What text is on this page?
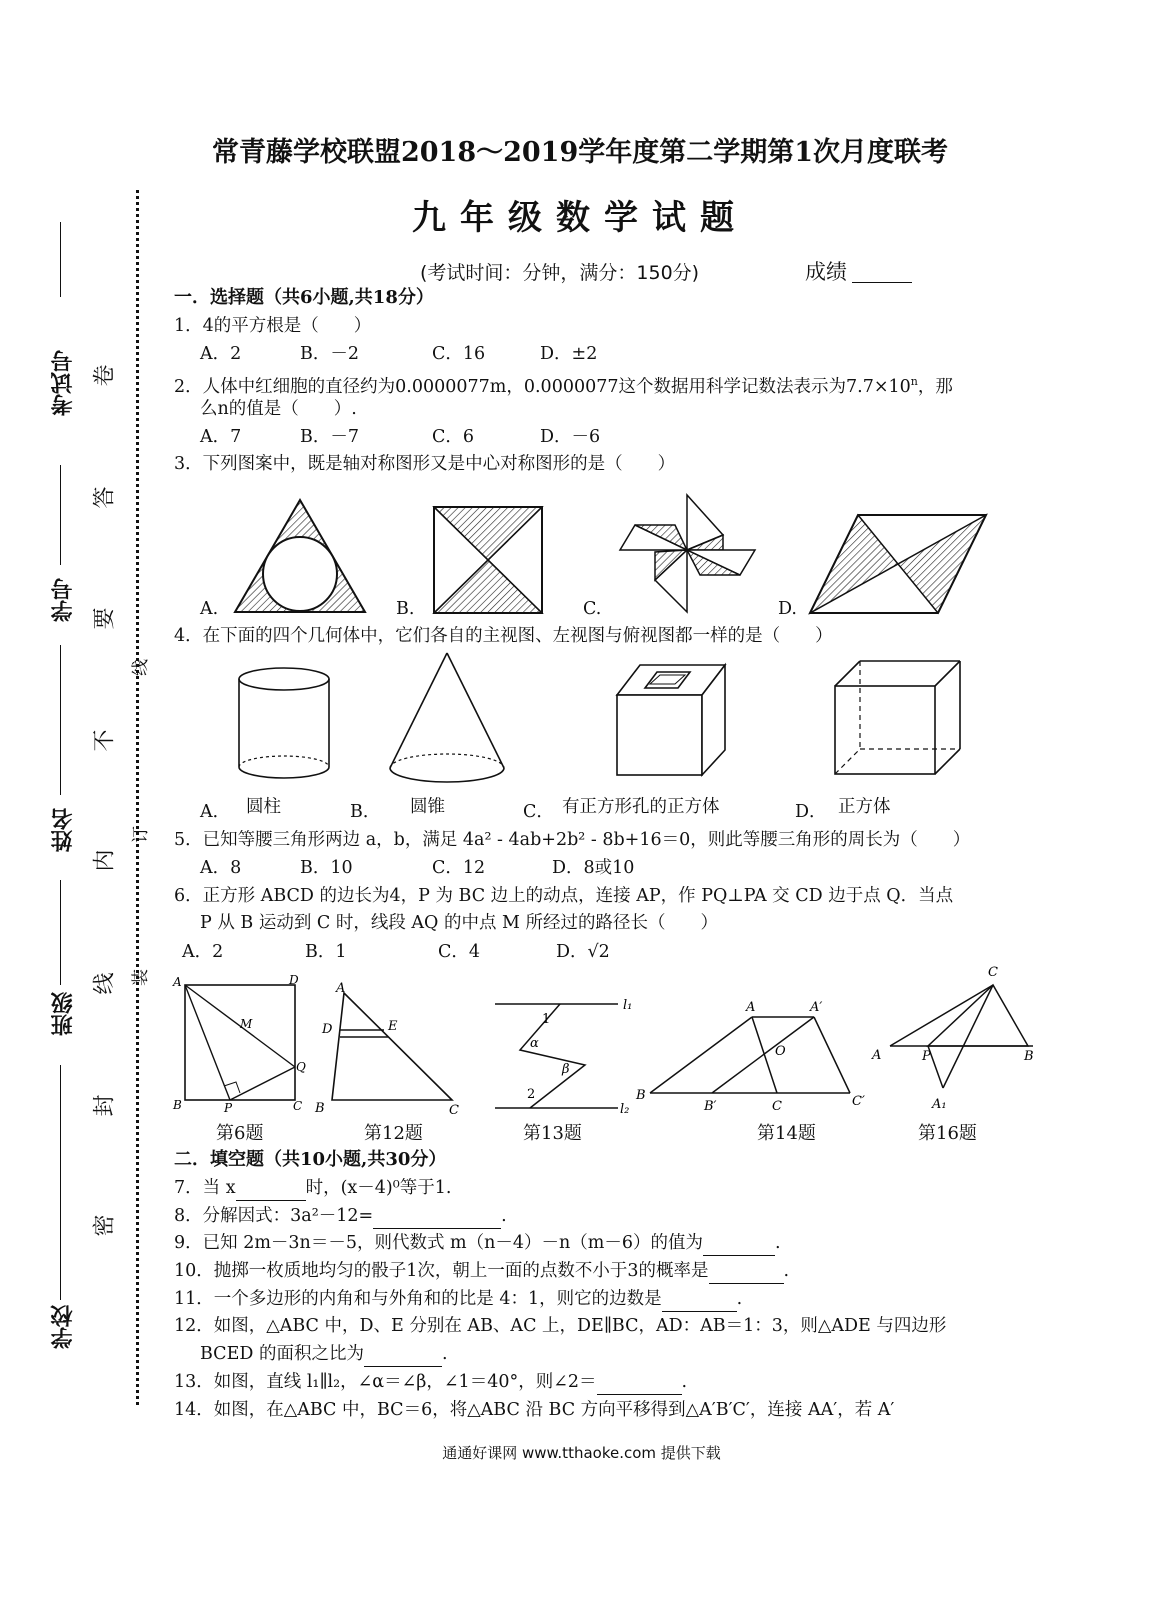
常青藤学校联盟2018～2019学年度第二学期第1次月度联考
九年级数学试题
(考试时间：分钟，满分：150分)	成绩
考试号
学号
姓名
班级
学校
卷
答
要
不
内
线
封
密
线
订
装
一．选择题（共6小题,共18分）
1．4的平方根是（　　）
A．2	B．－2	C．16	D．±2
2．人体中红细胞的直径约为0.0000077m，0.0000077这个数据用科学记数法表示为$7.7\times 10^n$，那
么n的值是（　　）.
A．7	B．－7	C．6	D．－6
3．下列图案中，既是轴对称图形又是中心对称图形的是（　　）
A.	B.	C.	D.
4．在下面的四个几何体中，它们各自的主视图、左视图与俯视图都一样的是（　　）
A． 圆柱	B． 圆锥	C． 有正方形孔的正方体	D． 正方体
5．已知等腰三角形两边 a，b，满足 4a² - 4ab+2b² - 8b+16＝0，则此等腰三角形的周长为（　　）
A．8	B．10	C．12	D．8或10
6．正方形 ABCD 的边长为4，P 为 BC 边上的动点，连接 AP，作 PQ⊥PA 交 CD 边于点 Q．当点
P 从 B 运动到 C 时，线段 AQ 的中点 M 所经过的路径长（　　）
A．2	B．1	C．4	D．√2
A	D
M
Q
B	P	C
A
D	E
B	C
l₁
1
α
β
2
l₂
A	A′
O
B
B′	C	C′
C
A	P	B
A₁
第6题	第12题	第13题	第14题	第16题
二．填空题（共10小题,共30分）
7．当 x	时，(x－4)⁰等于1.
8．分解因式：3a²－12=	.
9．已知 2m－3n＝－5，则代数式 m（n－4）－n（m－6）的值为	.
10．抛掷一枚质地均匀的骰子1次，朝上一面的点数不小于3的概率是	.
11．一个多边形的内角和与外角和的比是 4：1，则它的边数是	.
12．如图，△ABC 中，D、E 分别在 AB、AC 上，DE∥BC，AD：AB＝1：3，则△ADE 与四边形
BCED 的面积之比为	.
13．如图，直线 l₁∥l₂，∠α＝∠β，∠1＝40°，则∠2＝	.
14．如图，在△ABC 中，BC＝6，将△ABC 沿 BC 方向平移得到△A′B′C′，连接 AA′，若 A′
通通好课网 www.tthaoke.com 提供下载
